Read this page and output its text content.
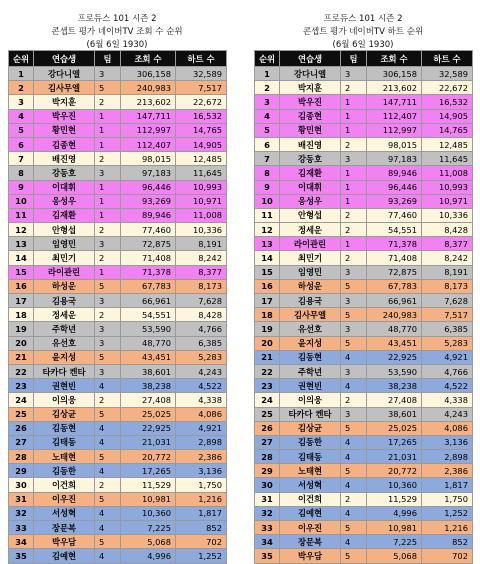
프로듀스 101 시즌 2
콘셉트 평가 네이버TV 조회 수 순위
(6월 6일 1930)
순위	연습생	팀	조회 수	하트 수
1	강다니엘	3	306,158	32,589
2	김사무엘	5	240,983	7,517
3	박지훈	2	213,602	22,672
4	박우진	1	147,711	16,532
5	황민현	1	112,997	14,765
6	김종현	1	112,407	14,905
7	배진영	2	98,015	12,485
8	강동호	3	97,183	11,645
9	이대휘	1	96,446	10,993
10	옹성우	1	93,269	10,971
11	김재환	1	89,946	11,008
12	안형섭	2	77,460	10,336
13	임영민	3	72,875	8,191
14	최민기	2	71,408	8,242
15	라이관린	1	71,378	8,377
16	하성운	5	67,783	8,173
17	김용국	3	66,961	7,628
18	정세운	2	54,551	8,428
19	주학년	3	53,590	4,766
20	유선호	3	48,770	6,385
21	윤지성	5	43,451	5,283
22	타카다 켄타	3	38,601	4,243
23	권현빈	4	38,238	4,522
24	이의웅	2	27,408	4,338
25	김상균	5	25,025	4,086
26	김동현	4	22,925	4,921
27	김태동	4	21,031	2,898
28	노태현	5	20,772	2,386
29	김동한	4	17,265	3,136
30	이건희	2	11,529	1,750
31	이우진	5	10,981	1,216
32	서성혁	4	10,360	1,817
33	장문복	4	7,225	852
34	박우담	5	5,068	702
35	김예현	4	4,996	1,252
프로듀스 101 시즌 2
콘셉트 평가 네이버TV 하트 순위
(6월 6일 1930)
순위	연습생	팀	조회 수	하트 수
1	강다니엘	3	306,158	32,589
2	박지훈	2	213,602	22,672
3	박우진	1	147,711	16,532
4	김종현	1	112,407	14,905
5	황민현	1	112,997	14,765
6	배진영	2	98,015	12,485
7	강동호	3	97,183	11,645
8	김재환	1	89,946	11,008
9	이대휘	1	96,446	10,993
10	옹성우	1	93,269	10,971
11	안형섭	2	77,460	10,336
12	정세운	2	54,551	8,428
13	라이관린	1	71,378	8,377
14	최민기	2	71,408	8,242
15	임영민	3	72,875	8,191
16	하성운	5	67,783	8,173
17	김용국	3	66,961	7,628
18	김사무엘	5	240,983	7,517
19	유선호	3	48,770	6,385
20	윤지성	5	43,451	5,283
21	김동현	4	22,925	4,921
22	주학년	3	53,590	4,766
23	권현빈	4	38,238	4,522
24	이의웅	2	27,408	4,338
25	타카다 켄타	3	38,601	4,243
26	김상균	5	25,025	4,086
27	김동한	4	17,265	3,136
28	김태동	4	21,031	2,898
29	노태현	5	20,772	2,386
30	서성혁	4	10,360	1,817
31	이건희	2	11,529	1,750
32	김예현	4	4,996	1,252
33	이우진	5	10,981	1,216
34	장문복	4	7,225	852
35	박우담	5	5,068	702
